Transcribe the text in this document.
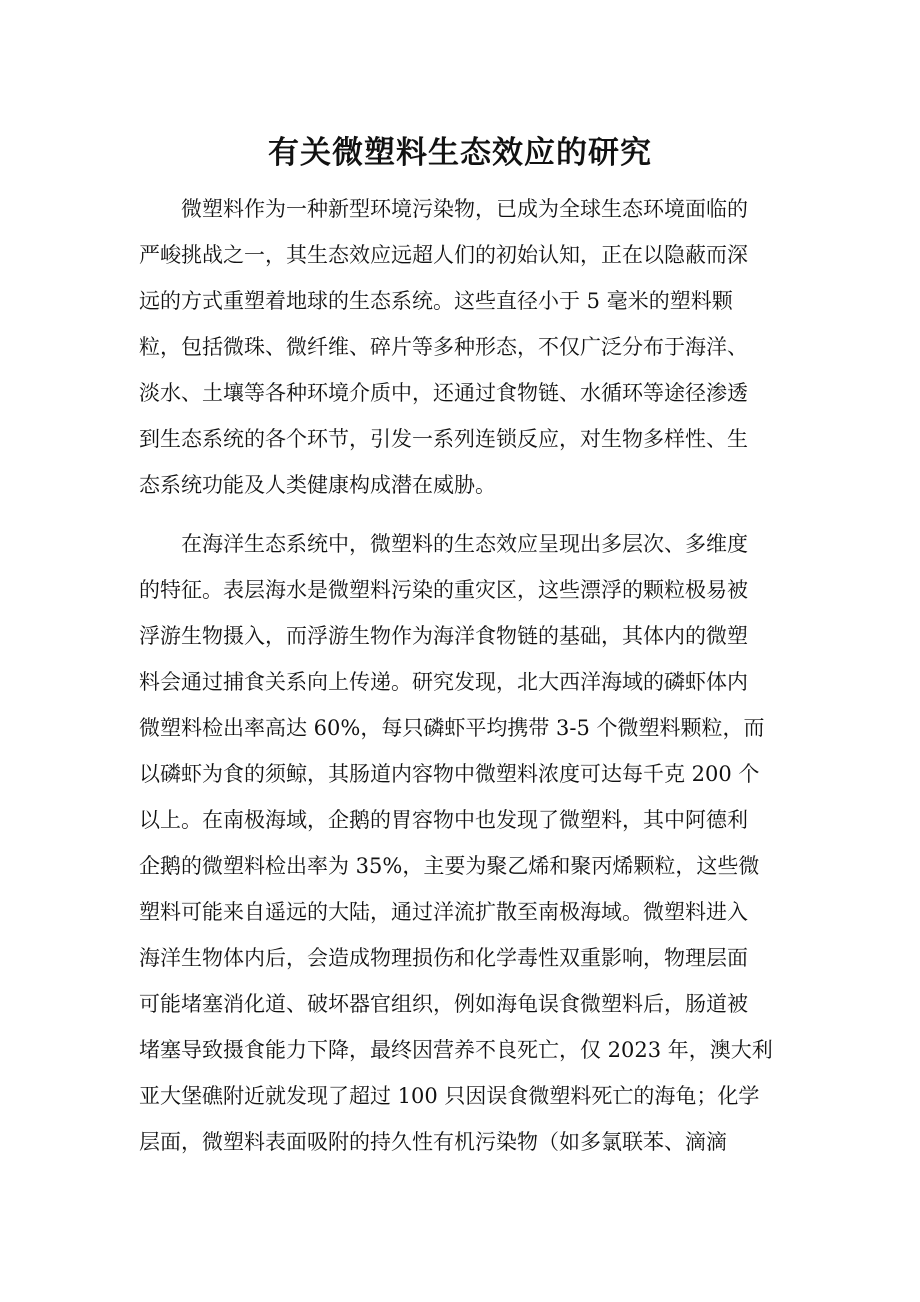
有关微塑料生态效应的研究
　　微塑料作为一种新型环境污染物，已成为全球生态环境面临的
严峻挑战之一，其生态效应远超人们的初始认知，正在以隐蔽而深
远的方式重塑着地球的生态系统。这些直径小于 5 毫米的塑料颗
粒，包括微珠、微纤维、碎片等多种形态，不仅广泛分布于海洋、
淡水、土壤等各种环境介质中，还通过食物链、水循环等途径渗透
到生态系统的各个环节，引发一系列连锁反应，对生物多样性、生
态系统功能及人类健康构成潜在威胁。
　　在海洋生态系统中，微塑料的生态效应呈现出多层次、多维度
的特征。表层海水是微塑料污染的重灾区，这些漂浮的颗粒极易被
浮游生物摄入，而浮游生物作为海洋食物链的基础，其体内的微塑
料会通过捕食关系向上传递。研究发现，北大西洋海域的磷虾体内
微塑料检出率高达 60%，每只磷虾平均携带 3-5 个微塑料颗粒，而
以磷虾为食的须鲸，其肠道内容物中微塑料浓度可达每千克 200 个
以上。在南极海域，企鹅的胃容物中也发现了微塑料，其中阿德利
企鹅的微塑料检出率为 35%，主要为聚乙烯和聚丙烯颗粒，这些微
塑料可能来自遥远的大陆，通过洋流扩散至南极海域。微塑料进入
海洋生物体内后，会造成物理损伤和化学毒性双重影响，物理层面
可能堵塞消化道、破坏器官组织，例如海龟误食微塑料后，肠道被
堵塞导致摄食能力下降，最终因营养不良死亡，仅 2023 年，澳大利
亚大堡礁附近就发现了超过 100 只因误食微塑料死亡的海龟；化学
层面，微塑料表面吸附的持久性有机污染物（如多氯联苯、滴滴
